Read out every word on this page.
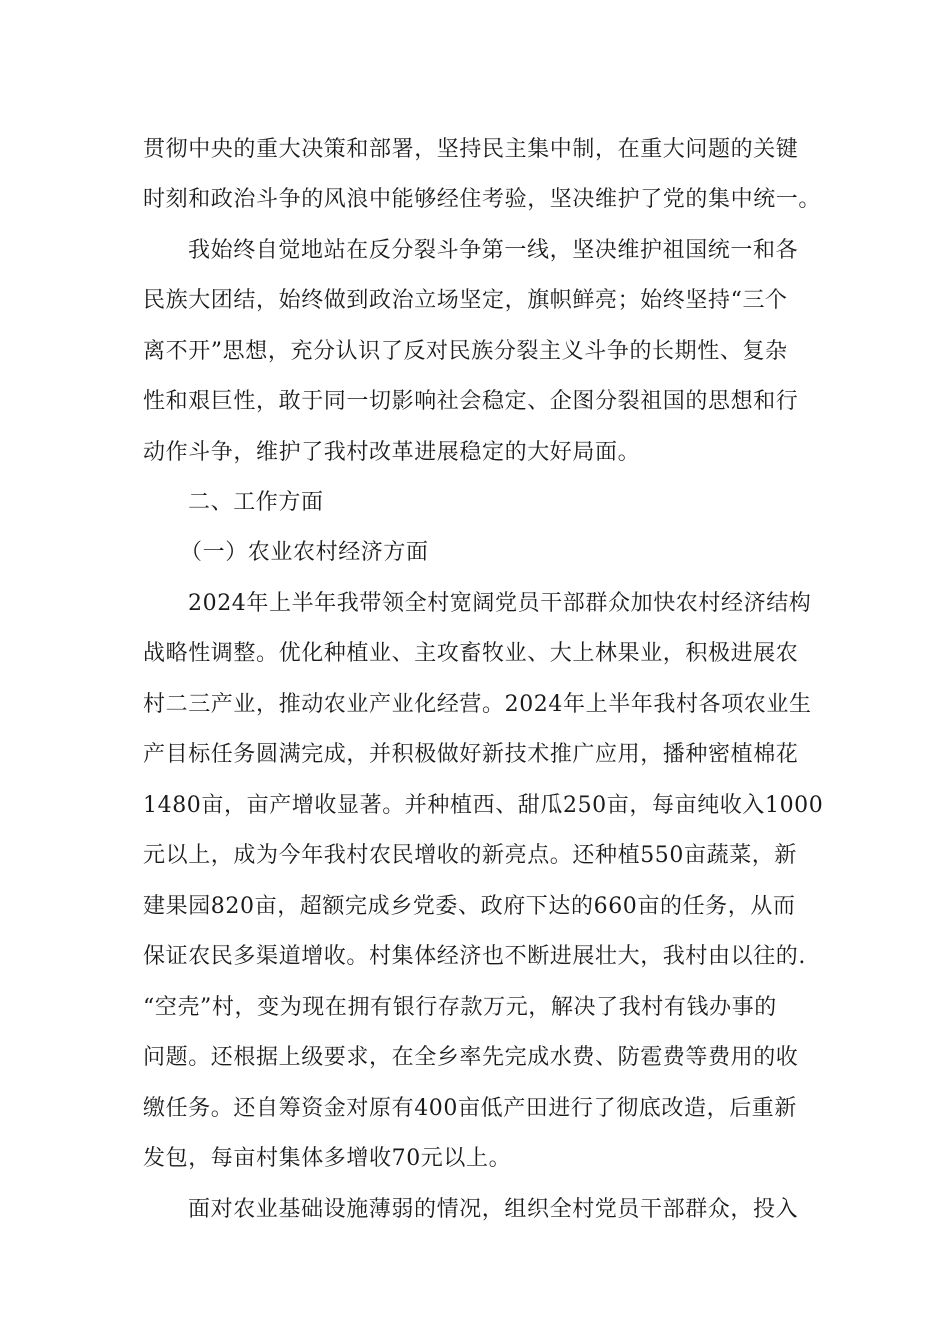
贯彻中央的重大决策和部署，坚持民主集中制，在重大问题的关键
时刻和政治斗争的风浪中能够经住考验，坚决维护了党的集中统一。
我始终自觉地站在反分裂斗争第一线，坚决维护祖国统一和各
民族大团结，始终做到政治立场坚定，旗帜鲜亮；始终坚持“三个
离不开”思想，充分认识了反对民族分裂主义斗争的长期性、复杂
性和艰巨性，敢于同一切影响社会稳定、企图分裂祖国的思想和行
动作斗争，维护了我村改革进展稳定的大好局面。
二、工作方面
（一）农业农村经济方面
2024年上半年我带领全村宽阔党员干部群众加快农村经济结构
战略性调整。优化种植业、主攻畜牧业、大上林果业，积极进展农
村二三产业，推动农业产业化经营。2024年上半年我村各项农业生
产目标任务圆满完成，并积极做好新技术推广应用，播种密植棉花
1480亩，亩产增收显著。并种植西、甜瓜250亩，每亩纯收入1000
元以上，成为今年我村农民增收的新亮点。还种植550亩蔬菜，新
建果园820亩，超额完成乡党委、政府下达的660亩的任务，从而
保证农民多渠道增收。村集体经济也不断进展壮大，我村由以往的.
“空壳”村，变为现在拥有银行存款万元，解决了我村有钱办事的
问题。还根据上级要求，在全乡率先完成水费、防雹费等费用的收
缴任务。还自筹资金对原有400亩低产田进行了彻底改造，后重新
发包，每亩村集体多增收70元以上。
面对农业基础设施薄弱的情况，组织全村党员干部群众，投入
